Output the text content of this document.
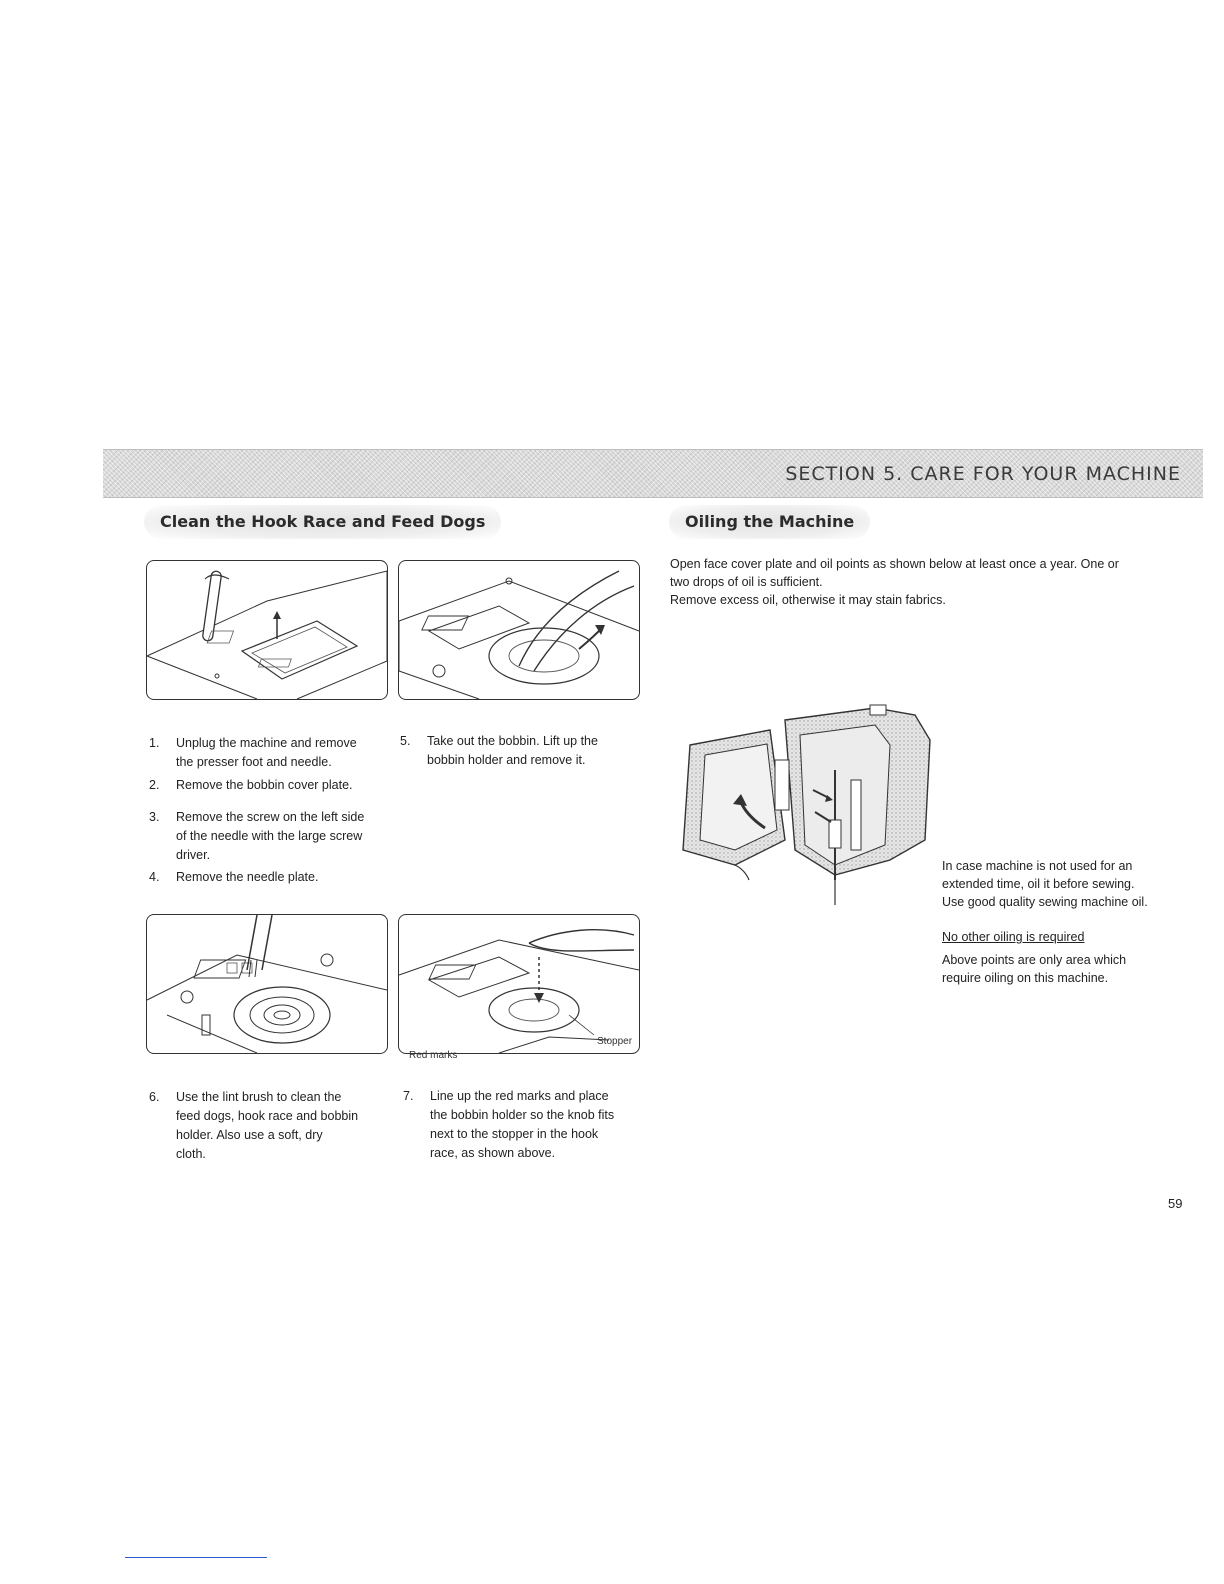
SECTION 5. CARE FOR YOUR MACHINE
Clean the Hook Race and Feed Dogs	Oiling the Machine
1. Unplug the machine and remove
the presser foot and needle.
2. Remove the bobbin cover plate.
3. Remove the screw on the left side
of the needle with the large screw
driver.
4. Remove the needle plate.
5. Take out the bobbin. Lift up the
bobbin holder and remove it.
Stopper
Red marks
6. Use the lint brush to clean the
feed dogs, hook race and bobbin
holder. Also use a soft, dry
cloth.
7. Line up the red marks and place
the bobbin holder so the knob fits
next to the stopper in the hook
race, as shown above.
Open face cover plate and oil points as shown below at least once a year. One or
two drops of oil is sufficient.
Remove excess oil, otherwise it may stain fabrics.
In case machine is not used for an
extended time, oil it before sewing.
Use good quality sewing machine oil.
No other oiling is required
Above points are only area which
require oiling on this machine.
59
